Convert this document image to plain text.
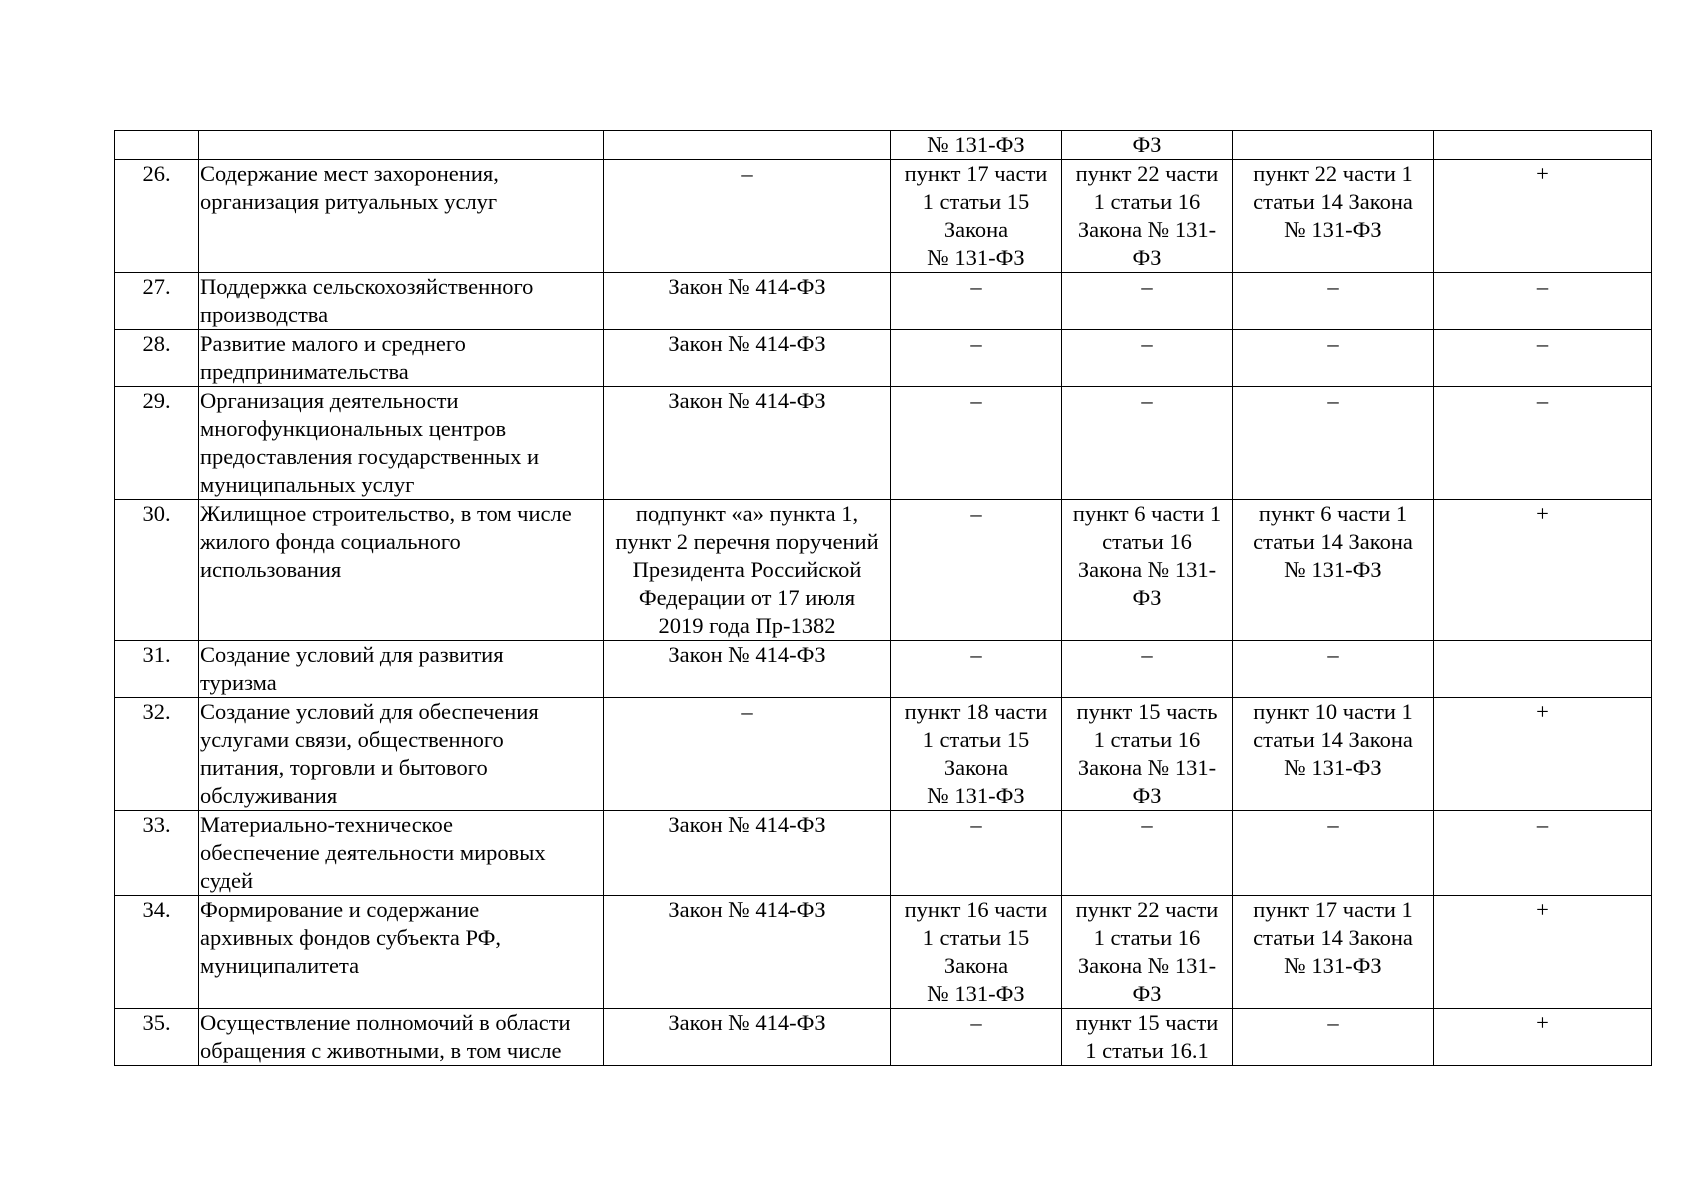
			№ 131-ФЗ	ФЗ		

26.	Содержание мест захоронения,
организация ритуальных услуг	–	пункт 17 части
1 статьи 15
Закона
№ 131-ФЗ	пункт 22 части
1 статьи 16
Закона № 131-
ФЗ	пункт 22 части 1
статьи 14 Закона
№ 131-ФЗ	+

27.	Поддержка сельскохозяйственного
производства	Закон № 414-ФЗ	–	–	–	–

28.	Развитие малого и среднего
предпринимательства	Закон № 414-ФЗ	–	–	–	–

29.	Организация деятельности
многофункциональных центров
предоставления государственных и
муниципальных услуг	Закон № 414-ФЗ	–	–	–	–

30.	Жилищное строительство, в том числе
жилого фонда социального
использования	подпункт «а» пункта 1,
пункт 2 перечня поручений
Президента Российской
Федерации от 17 июля
2019 года Пр-1382	–	пункт 6 части 1
статьи 16
Закона № 131-
ФЗ	пункт 6 части 1
статьи 14 Закона
№ 131-ФЗ	+

31.	Создание условий для развития
туризма	Закон № 414-ФЗ	–	–	–	

32.	Создание условий для обеспечения
услугами связи, общественного
питания, торговли и бытового
обслуживания	–	пункт 18 части
1 статьи 15
Закона
№ 131-ФЗ	пункт 15 часть
1 статьи 16
Закона № 131-
ФЗ	пункт 10 части 1
статьи 14 Закона
№ 131-ФЗ	+

33.	Материально-техническое
обеспечение деятельности мировых
судей	Закон № 414-ФЗ	–	–	–	–

34.	Формирование и содержание
архивных фондов субъекта РФ,
муниципалитета	Закон № 414-ФЗ	пункт 16 части
1 статьи 15
Закона
№ 131-ФЗ	пункт 22 части
1 статьи 16
Закона № 131-
ФЗ	пункт 17 части 1
статьи 14 Закона
№ 131-ФЗ	+

35.	Осуществление полномочий в области
обращения с животными, в том числе	Закон № 414-ФЗ	–	пункт 15 части
1 статьи 16.1	–	+
